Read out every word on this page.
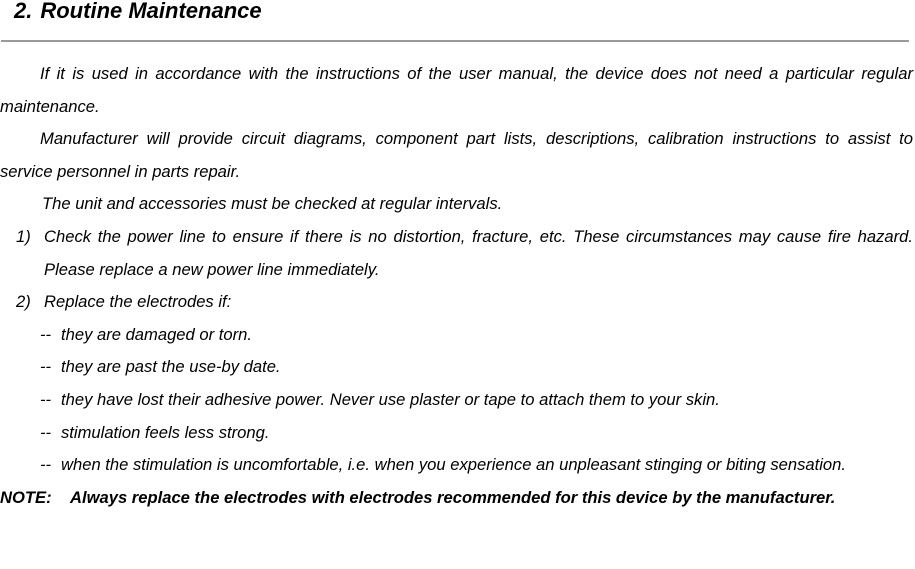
2. Routine Maintenance
If it is used in accordance with the instructions of the user manual, the device does not need a particular regular maintenance.
Manufacturer will provide circuit diagrams, component part lists, descriptions, calibration instructions to assist to service personnel in parts repair.
The unit and accessories must be checked at regular intervals.
1) Check the power line to ensure if there is no distortion, fracture, etc. These circumstances may cause fire hazard. Please replace a new power line immediately.
2) Replace the electrodes if:
-- they are damaged or torn.
-- they are past the use-by date.
-- they have lost their adhesive power. Never use plaster or tape to attach them to your skin.
-- stimulation feels less strong.
-- when the stimulation is uncomfortable, i.e. when you experience an unpleasant stinging or biting sensation.
NOTE: Always replace the electrodes with electrodes recommended for this device by the manufacturer.
